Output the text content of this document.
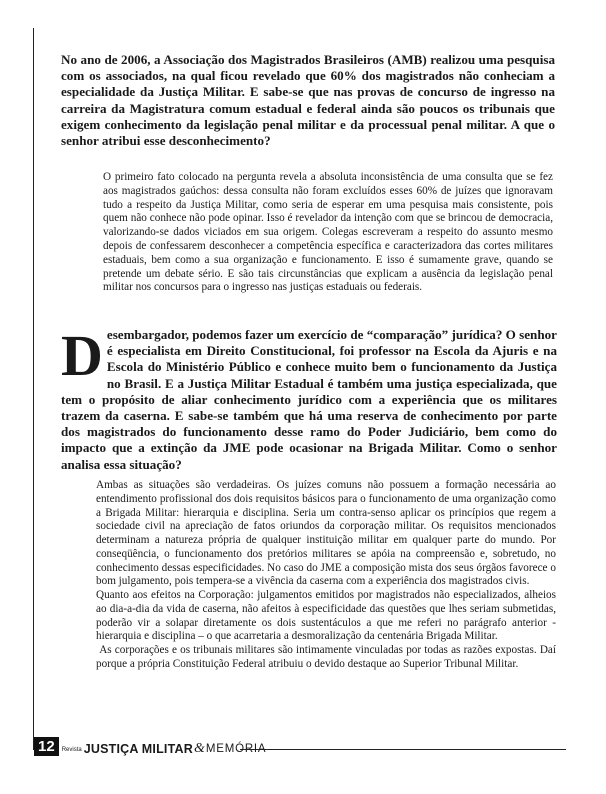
No ano de 2006, a Associação dos Magistrados Brasileiros (AMB) realizou uma pesquisa com os associados, na qual ficou revelado que 60% dos magistrados não conheciam a especialidade da Justiça Militar. E sabe-se que nas provas de concurso de ingresso na carreira da Magistratura comum estadual e federal ainda são poucos os tribunais que exigem conhecimento da legislação penal militar e da processual penal militar. A que o senhor atribui esse desconhecimento?

O primeiro fato colocado na pergunta revela a absoluta inconsistência de uma consulta que se fez aos magistrados gaúchos: dessa consulta não foram excluídos esses 60% de juízes que ignoravam tudo a respeito da Justiça Militar, como seria de esperar em uma pesquisa mais consistente, pois quem não conhece não pode opinar. Isso é revelador da intenção com que se brincou de democracia, valorizando-se dados viciados em sua origem. Colegas escreveram a respeito do assunto mesmo depois de confessarem desconhecer a competência específica e caracterizadora das cortes militares estaduais, bem como a sua organização e funcionamento. E isso é sumamente grave, quando se pretende um debate sério. E são tais circunstâncias que explicam a ausência da legislação penal militar nos concursos para o ingresso nas justiças estaduais ou federais.

D esembargador, podemos fazer um exercício de “comparação” jurídica? O senhor é especialista em Direito Constitucional, foi professor na Escola da Ajuris e na Escola do Ministério Público e conhece muito bem o funcionamento da Justiça no Brasil. E a Justiça Militar Estadual é também uma justiça especializada, que tem o propósito de aliar conhecimento jurídico com a experiência que os militares trazem da caserna. E sabe-se também que há uma reserva de conhecimento por parte dos magistrados do funcionamento desse ramo do Poder Judiciário, bem como do impacto que a extinção da JME pode ocasionar na Brigada Militar. Como o senhor analisa essa situação?

Ambas as situações são verdadeiras. Os juízes comuns não possuem a formação necessária ao entendimento profissional dos dois requisitos básicos para o funcionamento de uma organização como a Brigada Militar: hierarquia e disciplina. Seria um contra-senso aplicar os princípios que regem a sociedade civil na apreciação de fatos oriundos da corporação militar. Os requisitos mencionados determinam a natureza própria de qualquer instituição militar em qualquer parte do mundo. Por conseqüência, o funcionamento dos pretórios militares se apóia na compreensão e, sobretudo, no conhecimento dessas especificidades. No caso do JME a composição mista dos seus órgãos favorece o bom julgamento, pois tempera-se a vivência da caserna com a experiência dos magistrados civis.

Quanto aos efeitos na Corporação: julgamentos emitidos por magistrados não especializados, alheios ao dia-a-dia da vida de caserna, não afeitos à especificidade das questões que lhes seriam submetidas, poderão vir a solapar diretamente os dois sustentáculos a que me referi no parágrafo anterior -hierarquia e disciplina – o que acarretaria a desmoralização da centenária Brigada Militar.

As corporações e os tribunais militares são intimamente vinculadas por todas as razões expostas. Daí porque a própria Constituição Federal atribuiu o devido destaque ao Superior Tribunal Militar.

12	Revista JUSTIÇA MILITAR & MEMÓRIA
